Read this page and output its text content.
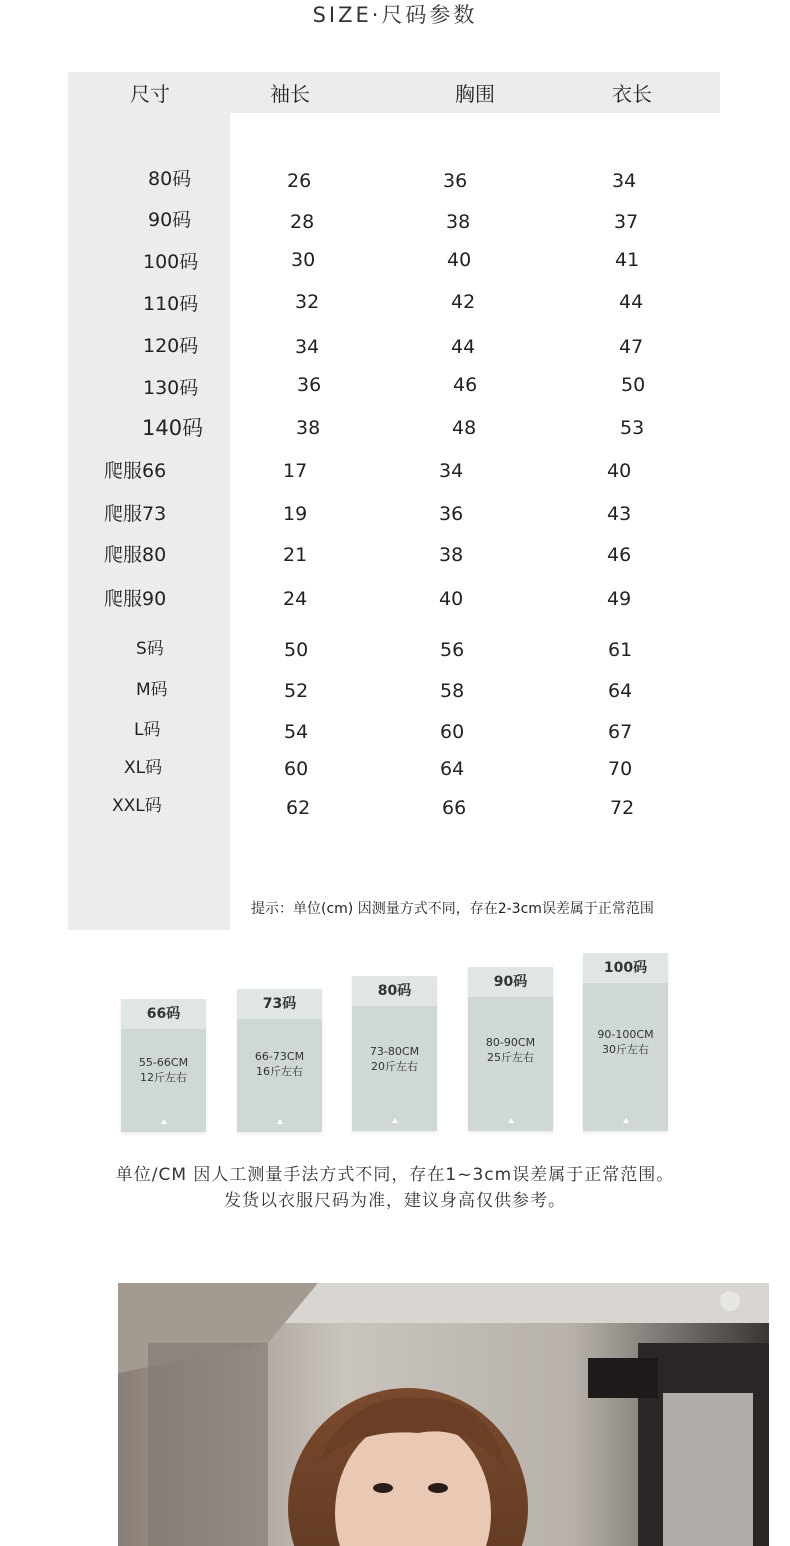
SIZE·尺码参数
尺寸	袖长	胸围	衣长
80码	26	36	34
90码	28	38	37
100码	30	40	41
110码	32	42	44
120码	34	44	47
130码	36	46	50
140码	38	48	53
爬服66	17	34	40
爬服73	19	36	43
爬服80	21	38	46
爬服90	24	40	49
S码	50	56	61
M码	52	58	64
L码	54	60	67
XL码	60	64	70
XXL码	62	66	72
提示：单位(cm) 因测量方式不同，存在2-3cm误差属于正常范围
66码
55-66CM
12斤左右
73码
66-73CM
16斤左右
80码
73-80CM
20斤左右
90码
80-90CM
25斤左右
100码
90-100CM
30斤左右
单位/CM 因人工测量手法方式不同，存在1~3cm误差属于正常范围。
发货以衣服尺码为准，建议身高仅供参考。
